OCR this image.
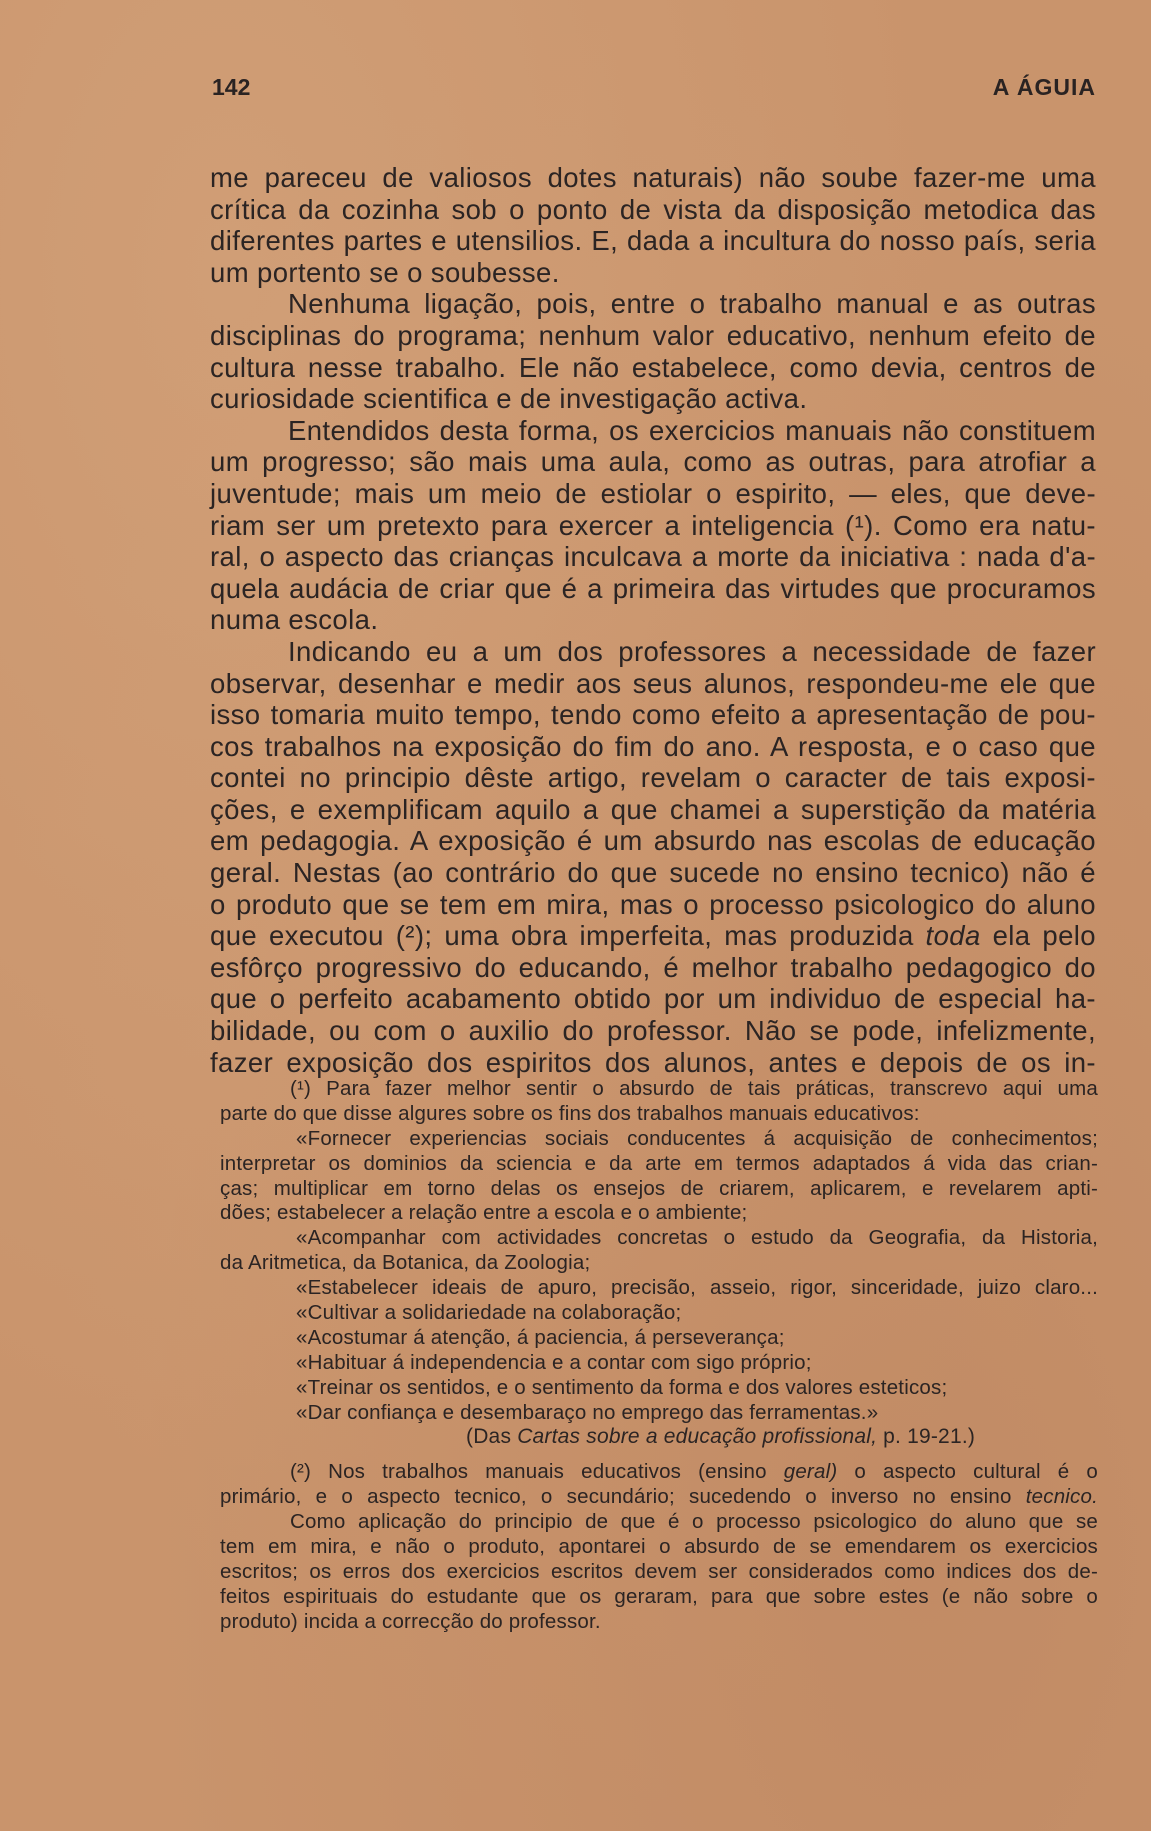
142	A ÁGUIA
me pareceu de valiosos dotes naturais) não soube fazer-me uma
crítica da cozinha sob o ponto de vista da disposição metodica das
diferentes partes e utensilios. E, dada a incultura do nosso país, seria
um portento se o soubesse.
Nenhuma ligação, pois, entre o trabalho manual e as outras
disciplinas do programa; nenhum valor educativo, nenhum efeito de
cultura nesse trabalho. Ele não estabelece, como devia, centros de
curiosidade scientifica e de investigação activa.
Entendidos desta forma, os exercicios manuais não constituem
um progresso; são mais uma aula, como as outras, para atrofiar a
juventude; mais um meio de estiolar o espirito, — eles, que deve-
riam ser um pretexto para exercer a inteligencia (¹). Como era natu-
ral, o aspecto das crianças inculcava a morte da iniciativa : nada d'a-
quela audácia de criar que é a primeira das virtudes que procuramos
numa escola.
Indicando eu a um dos professores a necessidade de fazer
observar, desenhar e medir aos seus alunos, respondeu-me ele que
isso tomaria muito tempo, tendo como efeito a apresentação de pou-
cos trabalhos na exposição do fim do ano. A resposta, e o caso que
contei no principio dêste artigo, revelam o caracter de tais exposi-
ções, e exemplificam aquilo a que chamei a superstição da matéria
em pedagogia. A exposição é um absurdo nas escolas de educação
geral. Nestas (ao contrário do que sucede no ensino tecnico) não é
o produto que se tem em mira, mas o processo psicologico do aluno
que executou (²); uma obra imperfeita, mas produzida toda ela pelo
esfôrço progressivo do educando, é melhor trabalho pedagogico do
que o perfeito acabamento obtido por um individuo de especial ha-
bilidade, ou com o auxilio do professor. Não se pode, infelizmente,
fazer exposição dos espiritos dos alunos, antes e depois de os in-
(¹) Para fazer melhor sentir o absurdo de tais práticas, transcrevo aqui uma
parte do que disse algures sobre os fins dos trabalhos manuais educativos:
«Fornecer experiencias sociais conducentes á acquisição de conhecimentos;
interpretar os dominios da sciencia e da arte em termos adaptados á vida das crian-
ças; multiplicar em torno delas os ensejos de criarem, aplicarem, e revelarem apti-
dões; estabelecer a relação entre a escola e o ambiente;
«Acompanhar com actividades concretas o estudo da Geografia, da Historia,
da Aritmetica, da Botanica, da Zoologia;
«Estabelecer ideais de apuro, precisão, asseio, rigor, sinceridade, juizo claro...
«Cultivar a solidariedade na colaboração;
«Acostumar á atenção, á paciencia, á perseverança;
«Habituar á independencia e a contar com sigo próprio;
«Treinar os sentidos, e o sentimento da forma e dos valores esteticos;
«Dar confiança e desembaraço no emprego das ferramentas.»
(Das Cartas sobre a educação profissional, p. 19-21.)
(²) Nos trabalhos manuais educativos (ensino geral) o aspecto cultural é o
primário, e o aspecto tecnico, o secundário; sucedendo o inverso no ensino tecnico.
Como aplicação do principio de que é o processo psicologico do aluno que se
tem em mira, e não o produto, apontarei o absurdo de se emendarem os exercicios
escritos; os erros dos exercicios escritos devem ser considerados como indices dos de-
feitos espirituais do estudante que os geraram, para que sobre estes (e não sobre o
produto) incida a correcção do professor.
